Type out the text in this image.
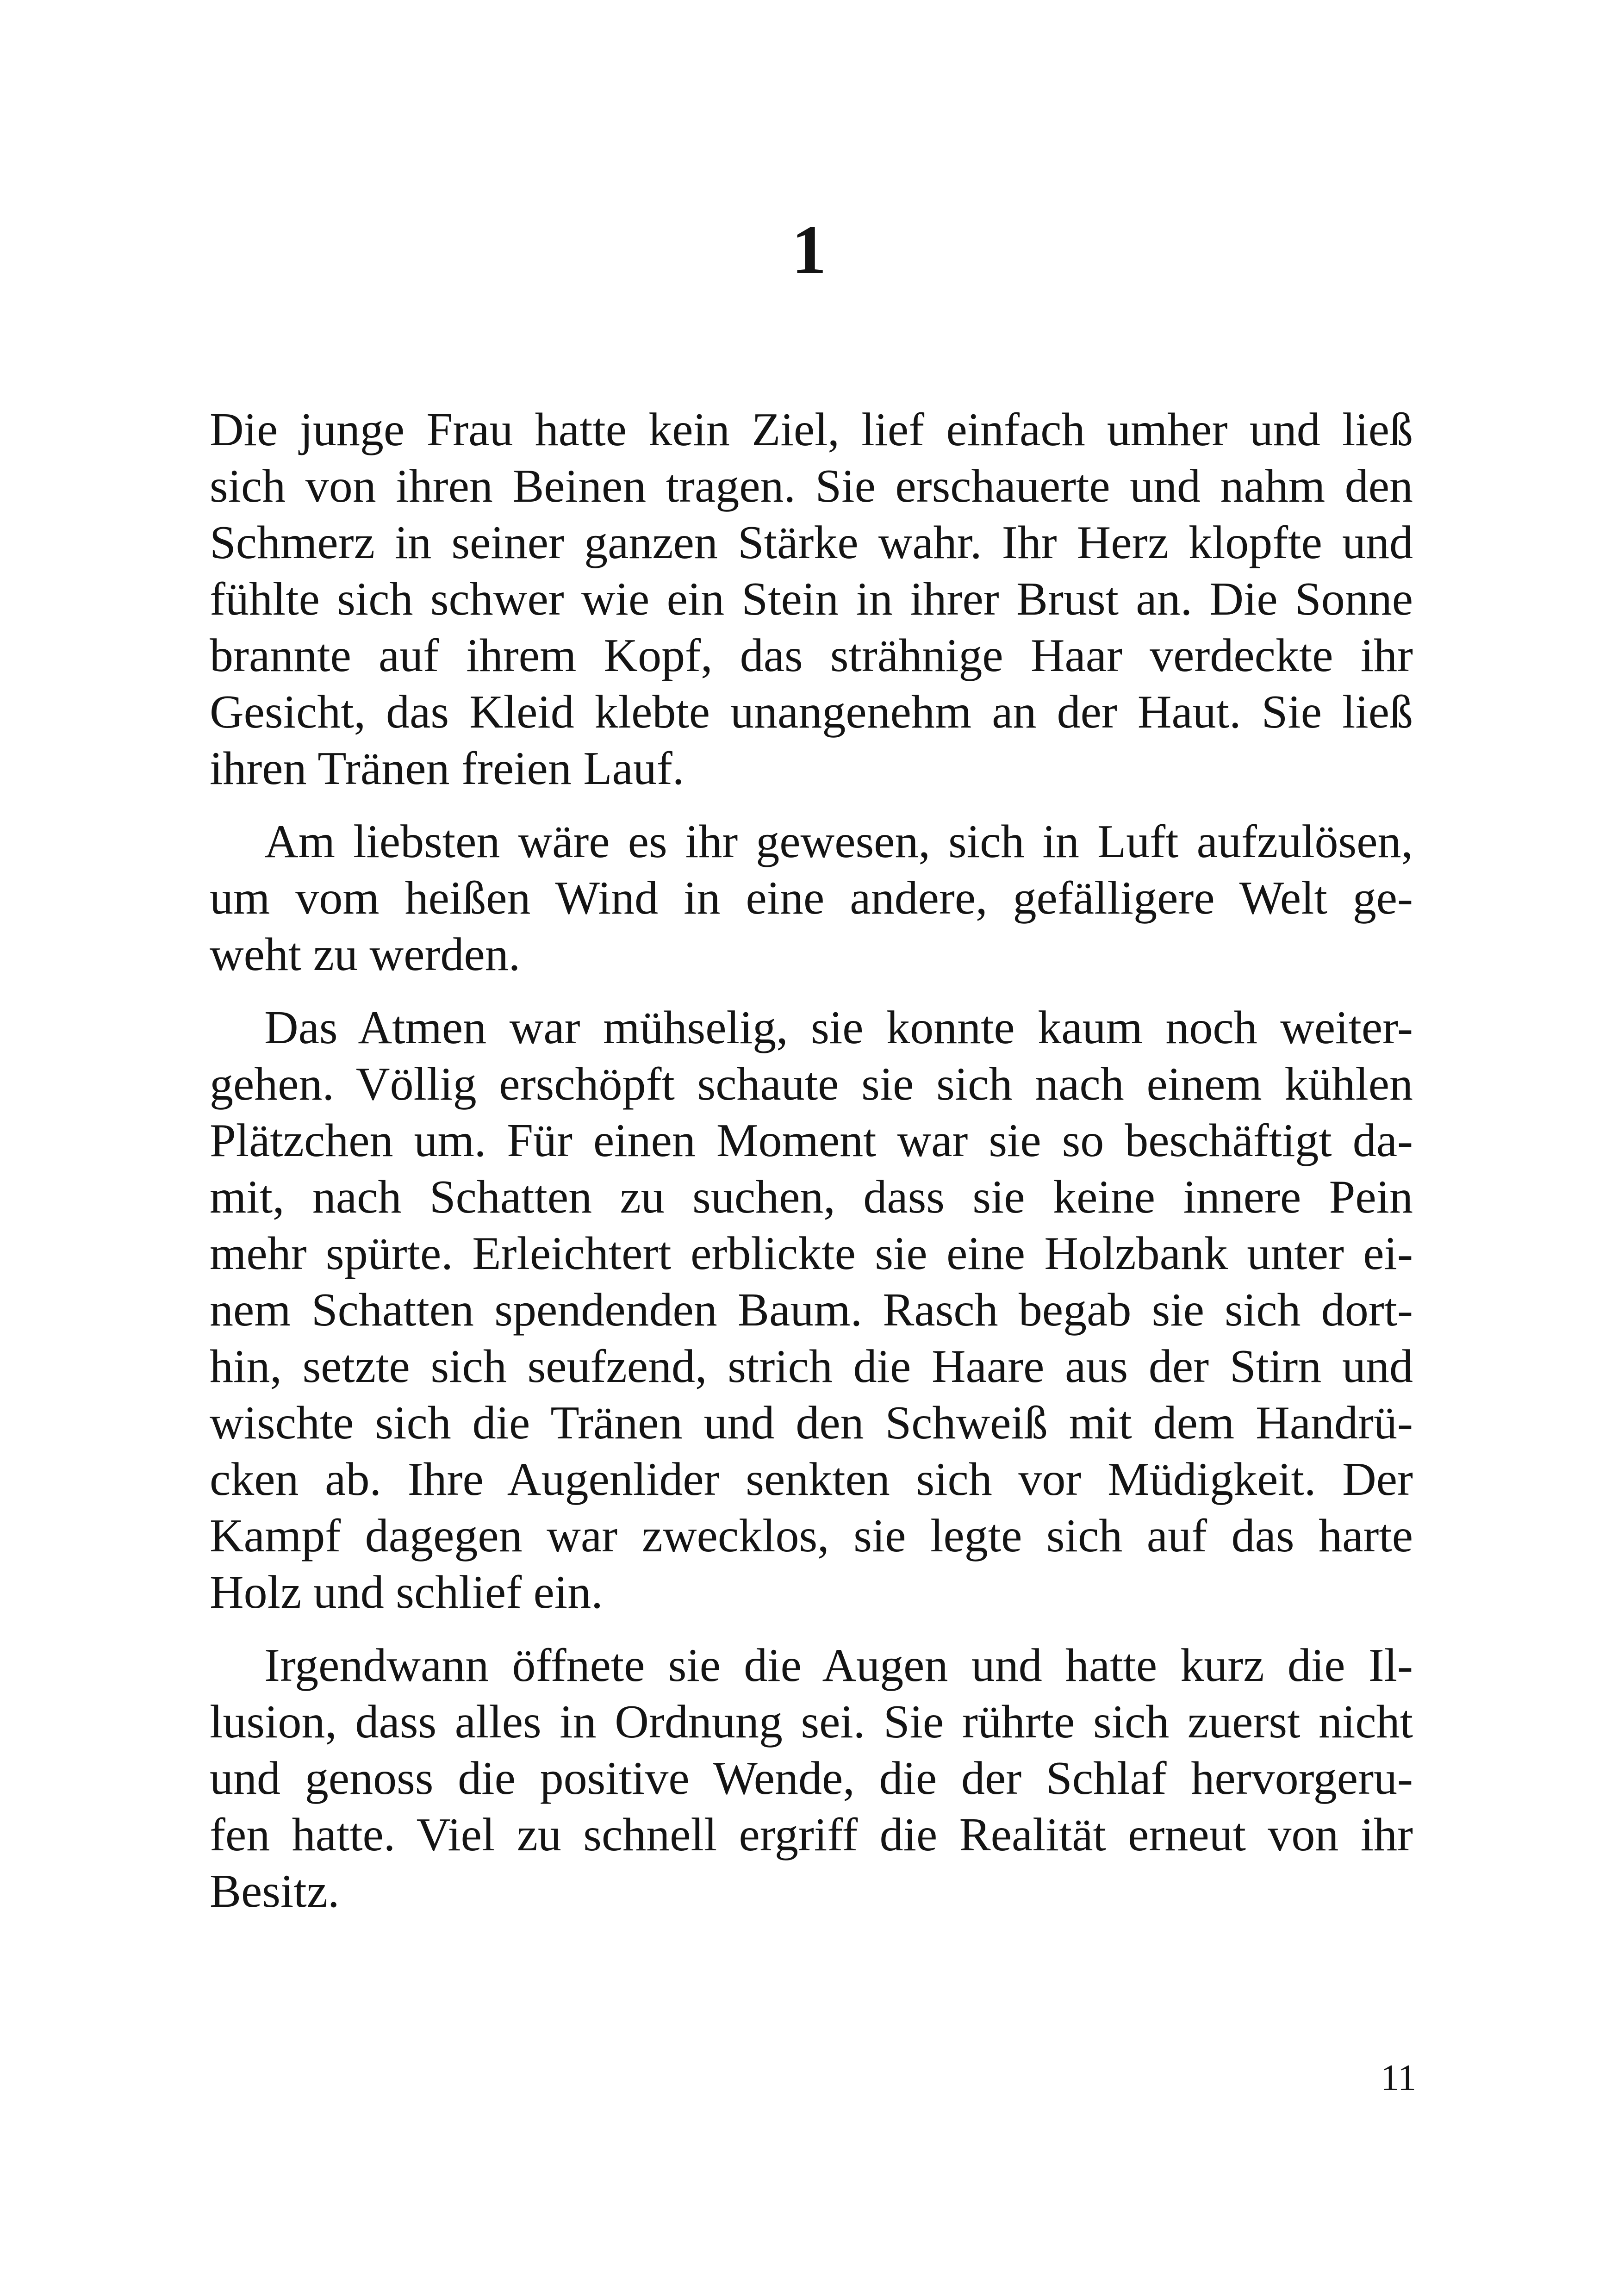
1

Die junge Frau hatte kein Ziel, lief einfach umher und ließ
sich von ihren Beinen tragen. Sie erschauerte und nahm den
Schmerz in seiner ganzen Stärke wahr. Ihr Herz klopfte und
fühlte sich schwer wie ein Stein in ihrer Brust an. Die Sonne
brannte auf ihrem Kopf, das strähnige Haar verdeckte ihr
Gesicht, das Kleid klebte unangenehm an der Haut. Sie ließ
ihren Tränen freien Lauf.

Am liebsten wäre es ihr gewesen, sich in Luft aufzulösen,
um vom heißen Wind in eine andere, gefälligere Welt ge-
weht zu werden.

Das Atmen war mühselig, sie konnte kaum noch weiter-
gehen. Völlig erschöpft schaute sie sich nach einem kühlen
Plätzchen um. Für einen Moment war sie so beschäftigt da-
mit, nach Schatten zu suchen, dass sie keine innere Pein
mehr spürte. Erleichtert erblickte sie eine Holzbank unter ei-
nem Schatten spendenden Baum. Rasch begab sie sich dort-
hin, setzte sich seufzend, strich die Haare aus der Stirn und
wischte sich die Tränen und den Schweiß mit dem Handrü-
cken ab. Ihre Augenlider senkten sich vor Müdigkeit. Der
Kampf dagegen war zwecklos, sie legte sich auf das harte
Holz und schlief ein.

Irgendwann öffnete sie die Augen und hatte kurz die Il-
lusion, dass alles in Ordnung sei. Sie rührte sich zuerst nicht
und genoss die positive Wende, die der Schlaf hervorgeru-
fen hatte. Viel zu schnell ergriff die Realität erneut von ihr
Besitz.

11
